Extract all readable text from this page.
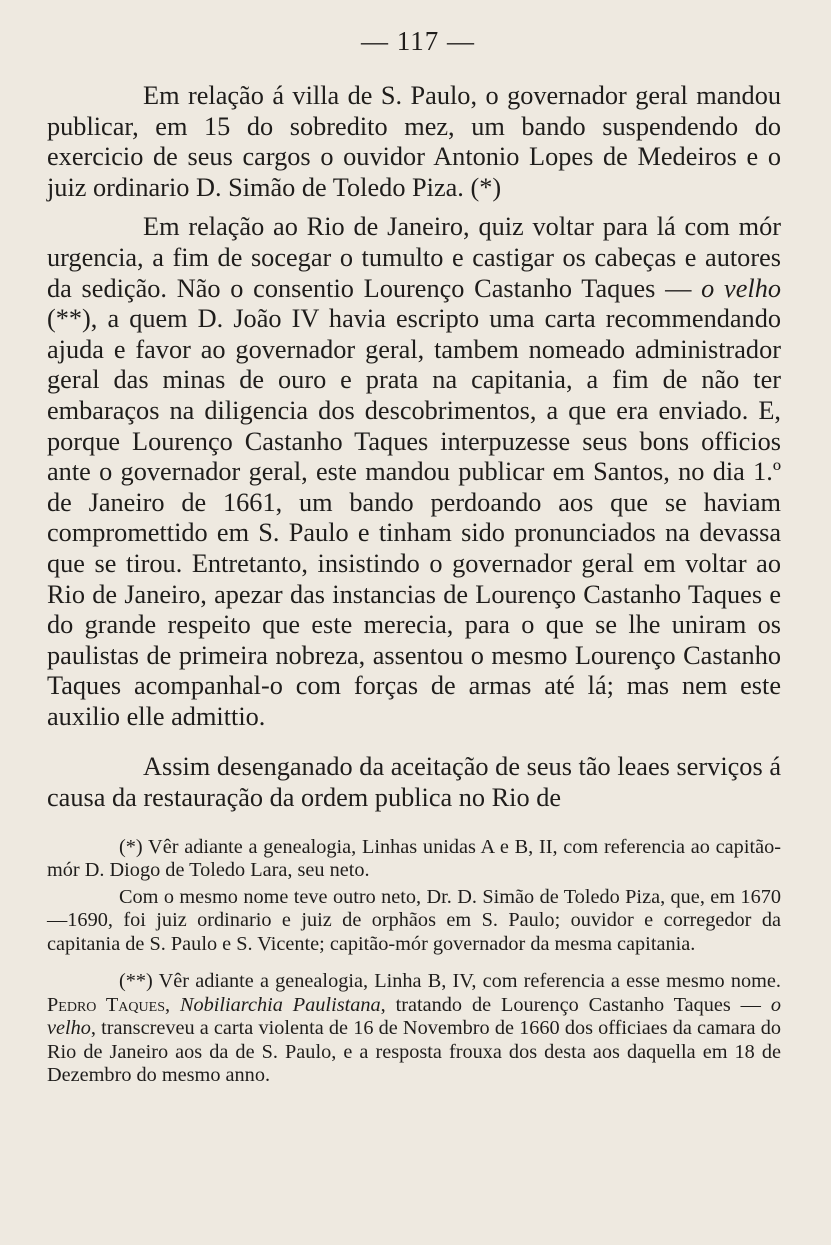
— 117 —

Em relação á villa de S. Paulo, o governador geral mandou publicar, em 15 do sobredito mez, um bando suspendendo do exercicio de seus cargos o ouvidor Antonio Lopes de Medeiros e o juiz ordinario D. Simão de Toledo Piza. (*)

Em relação ao Rio de Janeiro, quiz voltar para lá com mór urgencia, a fim de socegar o tumulto e castigar os cabeças e autores da sedição. Não o consentio Lourenço Castanho Taques — o velho (**), a quem D. João IV havia escripto uma carta recommendando ajuda e favor ao governador geral, tambem nomeado administrador geral das minas de ouro e prata na capitania, a fim de não ter embaraços na diligencia dos descobrimentos, a que era enviado. E, porque Lourenço Castanho Taques interpuzesse seus bons officios ante o governador geral, este mandou publicar em Santos, no dia 1.º de Janeiro de 1661, um bando perdoando aos que se haviam compromettido em S. Paulo e tinham sido pronunciados na devassa que se tirou. Entretanto, insistindo o governador geral em voltar ao Rio de Janeiro, apezar das instancias de Lourenço Castanho Taques e do grande respeito que este merecia, para o que se lhe uniram os paulistas de primeira nobreza, assentou o mesmo Lourenço Castanho Taques acompanhal-o com forças de armas até lá; mas nem este auxilio elle admittio.

Assim desenganado da aceitação de seus tão leaes serviços á causa da restauração da ordem publica no Rio de

(*) Vêr adiante a genealogia, Linhas unidas A e B, II, com referencia ao capitão-mór D. Diogo de Toledo Lara, seu neto.

Com o mesmo nome teve outro neto, Dr. D. Simão de Toledo Piza, que, em 1670—1690, foi juiz ordinario e juiz de orphãos em S. Paulo; ouvidor e corregedor da capitania de S. Paulo e S. Vicente; capitão-mór governador da mesma capitania.

(**) Vêr adiante a genealogia, Linha B, IV, com referencia a esse mesmo nome. Pedro Taques, Nobiliarchia Paulistana, tratando de Lourenço Castanho Taques — o velho, transcreveu a carta violenta de 16 de Novembro de 1660 dos officiaes da camara do Rio de Janeiro aos da de S. Paulo, e a resposta frouxa dos desta aos daquella em 18 de Dezembro do mesmo anno.
